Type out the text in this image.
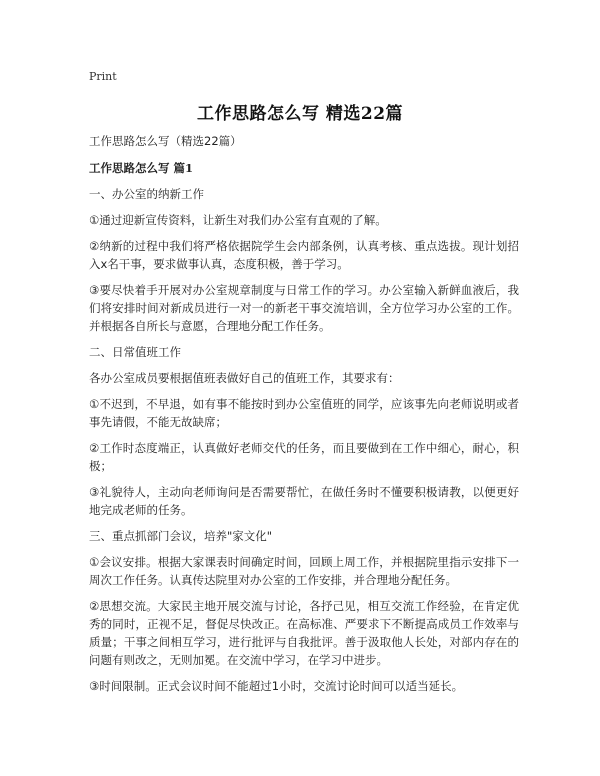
Print
工作思路怎么写 精选22篇

工作思路怎么写（精选22篇）

工作思路怎么写 篇1

一、办公室的纳新工作

①通过迎新宣传资料，让新生对我们办公室有直观的了解。

②纳新的过程中我们将严格依据院学生会内部条例，认真考核、重点选拔。现计划招入x名干事，要求做事认真，态度积极，善于学习。

③要尽快着手开展对办公室规章制度与日常工作的学习。办公室输入新鲜血液后，我们将安排时间对新成员进行一对一的新老干事交流培训，全方位学习办公室的工作。并根据各自所长与意愿，合理地分配工作任务。

二、日常值班工作

各办公室成员要根据值班表做好自己的值班工作，其要求有：

①不迟到，不早退，如有事不能按时到办公室值班的同学，应该事先向老师说明或者事先请假，不能无故缺席；

②工作时态度端正，认真做好老师交代的任务，而且要做到在工作中细心，耐心，积极；

③礼貌待人，主动向老师询问是否需要帮忙，在做任务时不懂要积极请教，以便更好地完成老师的任务。

三、重点抓部门会议，培养"家文化"

①会议安排。根据大家课表时间确定时间，回顾上周工作，并根据院里指示安排下一周次工作任务。认真传达院里对办公室的工作安排，并合理地分配任务。

②思想交流。大家民主地开展交流与讨论，各抒己见，相互交流工作经验，在肯定优秀的同时，正视不足，督促尽快改正。在高标准、严要求下不断提高成员工作效率与质量；干事之间相互学习，进行批评与自我批评。善于汲取他人长处，对部内存在的问题有则改之，无则加冕。在交流中学习，在学习中进步。

③时间限制。正式会议时间不能超过1小时，交流讨论时间可以适当延长。
